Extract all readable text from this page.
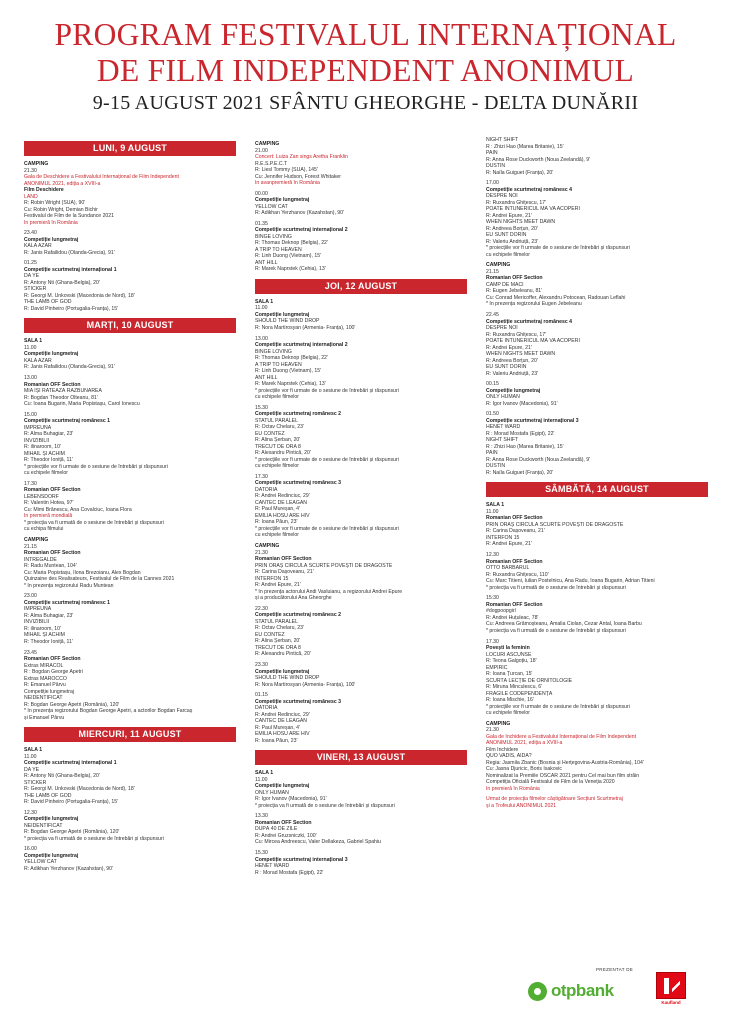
PROGRAM FESTIVALUL INTERNAȚIONAL
DE FILM INDEPENDENT ANONIMUL
9-15 AUGUST 2021 SFÂNTU GHEORGHE - DELTA DUNĂRII
LUNI, 9 AUGUST
CAMPING
21.30
Gala de Deschidere a Festivalului Internațional de Film Independent
ANONIMUL 2021, ediția a XVIII-a
Film Deschidere
LAND
R: Robin Wright (SUA), 90'
Cu: Robin Wright, Demian Bichir
Festivalul de Film de la Sundance 2021
În premieră în România
23.40
Competiție lungmetraj
KALA AZAR
R: Janis Rafailidou (Olanda-Grecia), 91'
01.25
Competiție scurtmetraj internațional 1
DA YE
R: Antony Nti (Ghana-Belgia), 20'
STICKER
R: Georgi M. Unkovski (Macedonia de Nord), 18'
THE LAMB OF GOD
R: David Pinheiro (Portugalia-Franța), 15'
MARȚI, 10 AUGUST
SALA 1
11.00
Competiție lungmetraj
KALA AZAR
R: Janis Rafailidou (Olanda-Grecia), 91'
13.00
Romanian OFF Section
MIA ÎȘI RATEAZĂ RĂZBUNAREA
R: Bogdan Theodor Olteanu, 81'
Cu: Ioana Bugarin, Maria Popistașu, Carol Ionescu
15.00
Competiție scurtmetraj românesc 1
ÎMPREUNĂ
R: Alma Buhagiar, 23'
INVIZIBILII
R: ilinaroom, 10'
MIHAIL ȘI ACHIM
R: Theodor Ioniță, 11'
* proiecțiile vor fi urmate de o sesiune de întrebări și răspunsuri
cu echipele filmelor
17.30
Romanian OFF Section
LEBENSDORF
R: Valentin Hotea, 97'
Cu: Mimi Brănescu, Ana Covalciuc, Ioana Flora
În premieră mondială
* proiecția va fi urmată de o sesiune de întrebări și răspunsuri
cu echipa filmului
CAMPING
21.15
Romanian OFF Section
ÎNTREGALDE
R: Radu Muntean, 104'
Cu: Maria Popistașu, Ilona Brezoianu, Alex Bogdan
Quinzaine des Realisateurs, Festivalul de Film de la Cannes 2021
* În prezența regizorului Radu Muntean
23.00
Competiție scurtmetraj românesc 1
ÎMPREUNĂ
R: Alma Buhagiar, 23'
INVIZIBILII
R: ilinaroom, 10'
MIHAIL ȘI ACHIM
R: Theodor Ioniță, 11'
23.45
Romanian OFF Section
Extras MIRACOL
R : Bogdan George Apetri
Extras MAROCCO
R: Emanuel Pârvu
Competiție lungmetraj
NEIDENTIFICAT
R: Bogdan George Apetri (România), 120'
* În prezența regizorului Bogdan George Apetri, a actorilor Bogdan Farcaș
și Emanuel Pârvu
MIERCURI, 11 AUGUST
SALA 1
11.00
Competiție scurtmetraj internațional 1
DA YE
R: Antony Nti (Ghana-Belgia), 20'
STICKER
R: Georgi M. Unkovski (Macedonia de Nord), 18'
THE LAMB OF GOD
R: David Pinheiro (Portugalia-Franța), 15'
12.30
Competiție lungmetraj
NEIDENTIFICAT
R: Bogdan George Apetri (România), 120'
* proiecția va fi urmată de o sesiune de întrebări și răspunsuri
16.00
Competiție lungmetraj
YELLOW CAT
R: Adikhan Yerzhanov (Kazahstan), 90'
CAMPING
21.00
Concert: Luiza Zan sings Aretha Franklin
R.E.S.P.E.C.T
R: Liesl Tommy (SUA), 145'
Cu: Jennifer Hudson, Forest Whitaker
În avanpremieră în România
00.00
Competiție lungmetraj
YELLOW CAT
R: Adikhan Yerzhanov (Kazahstan), 90'
01.35
Competiție scurtmetraj internațional 2
BINGE LOVING
R: Thomas Deknop (Belgia), 22'
A TRIP TO HEAVEN
R: Linh Duong (Vietnam), 15'
ANT HILL
R: Marek Naprstek (Cehia), 13'
JOI, 12 AUGUST
SALA 1
11.00
Competiție lungmetraj
SHOULD THE WIND DROP
R: Nora Martirosyan (Armenia- Franța), 100'
13.00
Competiție scurtmetraj internațional 2
BINGE LOVING
R: Thomas Deknop (Belgia), 22'
A TRIP TO HEAVEN
R: Linh Duong (Vietnam), 15'
ANT HILL
R: Marek Naprstek (Cehia), 13'
* proiecțiile vor fi urmate de o sesiune de întrebări și răspunsuri
cu echipele filmelor
15.30
Competiție scurtmetraj românesc 2
STATUL PARALEL
R: Octav Chelaru, 23'
EU CONTEZ
R: Alina Șerban, 20'
TRECUT DE ORA 8
R: Alexandru Pintică, 20'
* proiecțiile vor fi urmate de o sesiune de întrebări și răspunsuri
cu echipele filmelor
17.30
Competiție scurtmetraj românesc 3
DATORIA
R: Andrei Redinciuc, 29'
CÂNTEC DE LEAGĂN
R: Paul Mureșan, 4'
EMILIA HOSU ARE HIV
R: Ioana Păun, 23'
* proiecțiile vor fi urmate de o sesiune de întrebări și răspunsuri
cu echipele filmelor
CAMPING
21.30
Romanian OFF Section
PRIN ORAȘ CIRCULĂ SCURTE POVEȘTI DE DRAGOSTE
R: Carina Dașoveanu, 21'
INTERFON 15
R: Andrei Epure, 21'
* În prezența actorului Andi Vasluianu, a regizorului Andrei Epure
și a producătorului Ana Gheorghe
22.30
Competiție scurtmetraj românesc 2
STATUL PARALEL
R: Octav Chelaru, 23'
EU CONTEZ
R: Alina Șerban, 20'
TRECUT DE ORA 8
R: Alexandru Pintică, 20'
23.30
Competiție lungmetraj
SHOULD THE WIND DROP
R: Nora Martirosyan (Armenia- Franța), 100'
01.15
Competiție scurtmetraj românesc 3
DATORIA
R: Andrei Redinciuc, 29'
CÂNTEC DE LEAGĂN
R: Paul Mureșan, 4'
EMILIA HOSU ARE HIV
R: Ioana Păun, 23'
VINERI, 13 AUGUST
SALA 1
11.00
Competiție lungmetraj
ONLY HUMAN
R: Igor Ivanov (Macedonia), 91'
* proiecția va fi urmată de o sesiune de întrebări și răspunsuri
13.30
Romanian OFF Section
DUPĂ 40 DE ZILE
R: Andrei Gruzsniczki, 100'
Cu: Mircea Andreescu, Valer Dellakeza, Gabriel Spahiu
15.30
Competiție scurtmetraj internațional 3
HENET WARD
R : Morad Mostafa (Egipt), 22'
NIGHT SHIFT
R : Zhizi Hao (Marea Britanie), 15'
PAIN
R: Anna Rose Duckworth (Noua Zeelandă), 9'
DUSTIN
R: Naïla Guiguet (Franța), 20'
17.00
Competiție scurtmetraj românesc 4
DESPRE NOI
R: Ruxandra Ghițescu, 17'
POATE ÎNTUNERICUL MĂ VA ACOPERI
R: Andrei Epure, 21'
WHEN NIGHTS MEET DAWN
R: Andreea Borțun, 20'
EU SUNT DORIN
R: Valeriu Andriuță, 23'
* proiecțiile vor fi urmate de o sesiune de întrebări și răspunsuri
cu echipele filmelor
CAMPING
21.15
Romanian OFF Section
CÂMP DE MACI
R: Eugen Jebeleanu, 81'
Cu: Conrad Mericoffer, Alexandru Potocean, Radouan Leflahi
* În prezența regizorului Eugen Jebeleanu
22.45
Competiție scurtmetraj românesc 4
DESPRE NOI
R: Ruxandra Ghițescu, 17'
POATE ÎNTUNERICUL MĂ VA ACOPERI
R: Andrei Epure, 21'
WHEN NIGHTS MEET DAWN
R: Andreea Borțun, 20'
EU SUNT DORIN
R: Valeriu Andriuță, 23'
00.15
Competiție lungmetraj
ONLY HUMAN
R: Igor Ivanov (Macedonia), 91'
01.50
Competiție scurtmetraj internațional 3
HENET WARD
R : Morad Mostafa (Egipt), 22'
NIGHT SHIFT
R : Zhizi Hao (Marea Britanie), 15'
PAIN
R: Anna Rose Duckworth (Noua Zeelandă), 9'
DUSTIN
R: Naïla Guiguet (Franța), 20'
SÂMBĂTĂ, 14 AUGUST
SALA 1
11.00
Romanian OFF Section
PRIN ORAȘ CIRCULĂ SCURTE POVEȘTI DE DRAGOSTE
R: Carina Dașoveanu, 21'
INTERFON 15
R: Andrei Epure, 21'
12.30
Romanian OFF Section
OTTO BARBARUL
R: Ruxandra Ghițescu, 110'
Cu: Marc Titieni, Iulian Postelnicu, Ana Radu, Ioana Bugarin, Adrian Titieni
* proiecția va fi urmată de o sesiune de întrebări și răspunsuri
15:30
Romanian OFF Section
#dogpoopgirl
R: Andrei Huțuleac, 78'
Cu: Andreea Grămoșteanu, Amalia Ciolan, Cezar Antal, Ioana Barbu
* proiecția va fi urmată de o sesiune de întrebări și răspunsuri
17.30
Povești la feminin
LOCURI ASCUNSE
R: Teona Galgoțiu, 18'
EMPIRIC
R: Ioana Țurcan, 15'
SCURTĂ LECȚIE DE ORNITOLOGIE
R: Miruna Minculescu, 6'
FRAGILE CODEPENDENȚĂ
R: Ioana Mischie, 16'
* proiecțiile vor fi urmate de o sesiune de întrebări și răspunsuri
cu echipele filmelor
CAMPING
21.30
Gala de Închidere a Festivalului Internațional de Film Independent
ANONIMUL 2021, ediția a XVIII-a
Film Închidere
QUO VADIS, AIDA?
Regia: Jasmila Zbanic (Bosnia și Herțegovina-Austria-România), 104'
Cu: Jasna Djuricic, Boris Isakovic
Nominalizat la Premiile OSCAR 2021 pentru Cel mai bun film străin
Competiția Oficială Festivalul de Film de la Veneția 2020
În premieră în România
Urmat de proiecția filmelor câștigătoare Secțiuni Scurtmetraj
și a Trofeului ANONIMUL 2021
PREZENTAT DE
otpbank
Kaufland
